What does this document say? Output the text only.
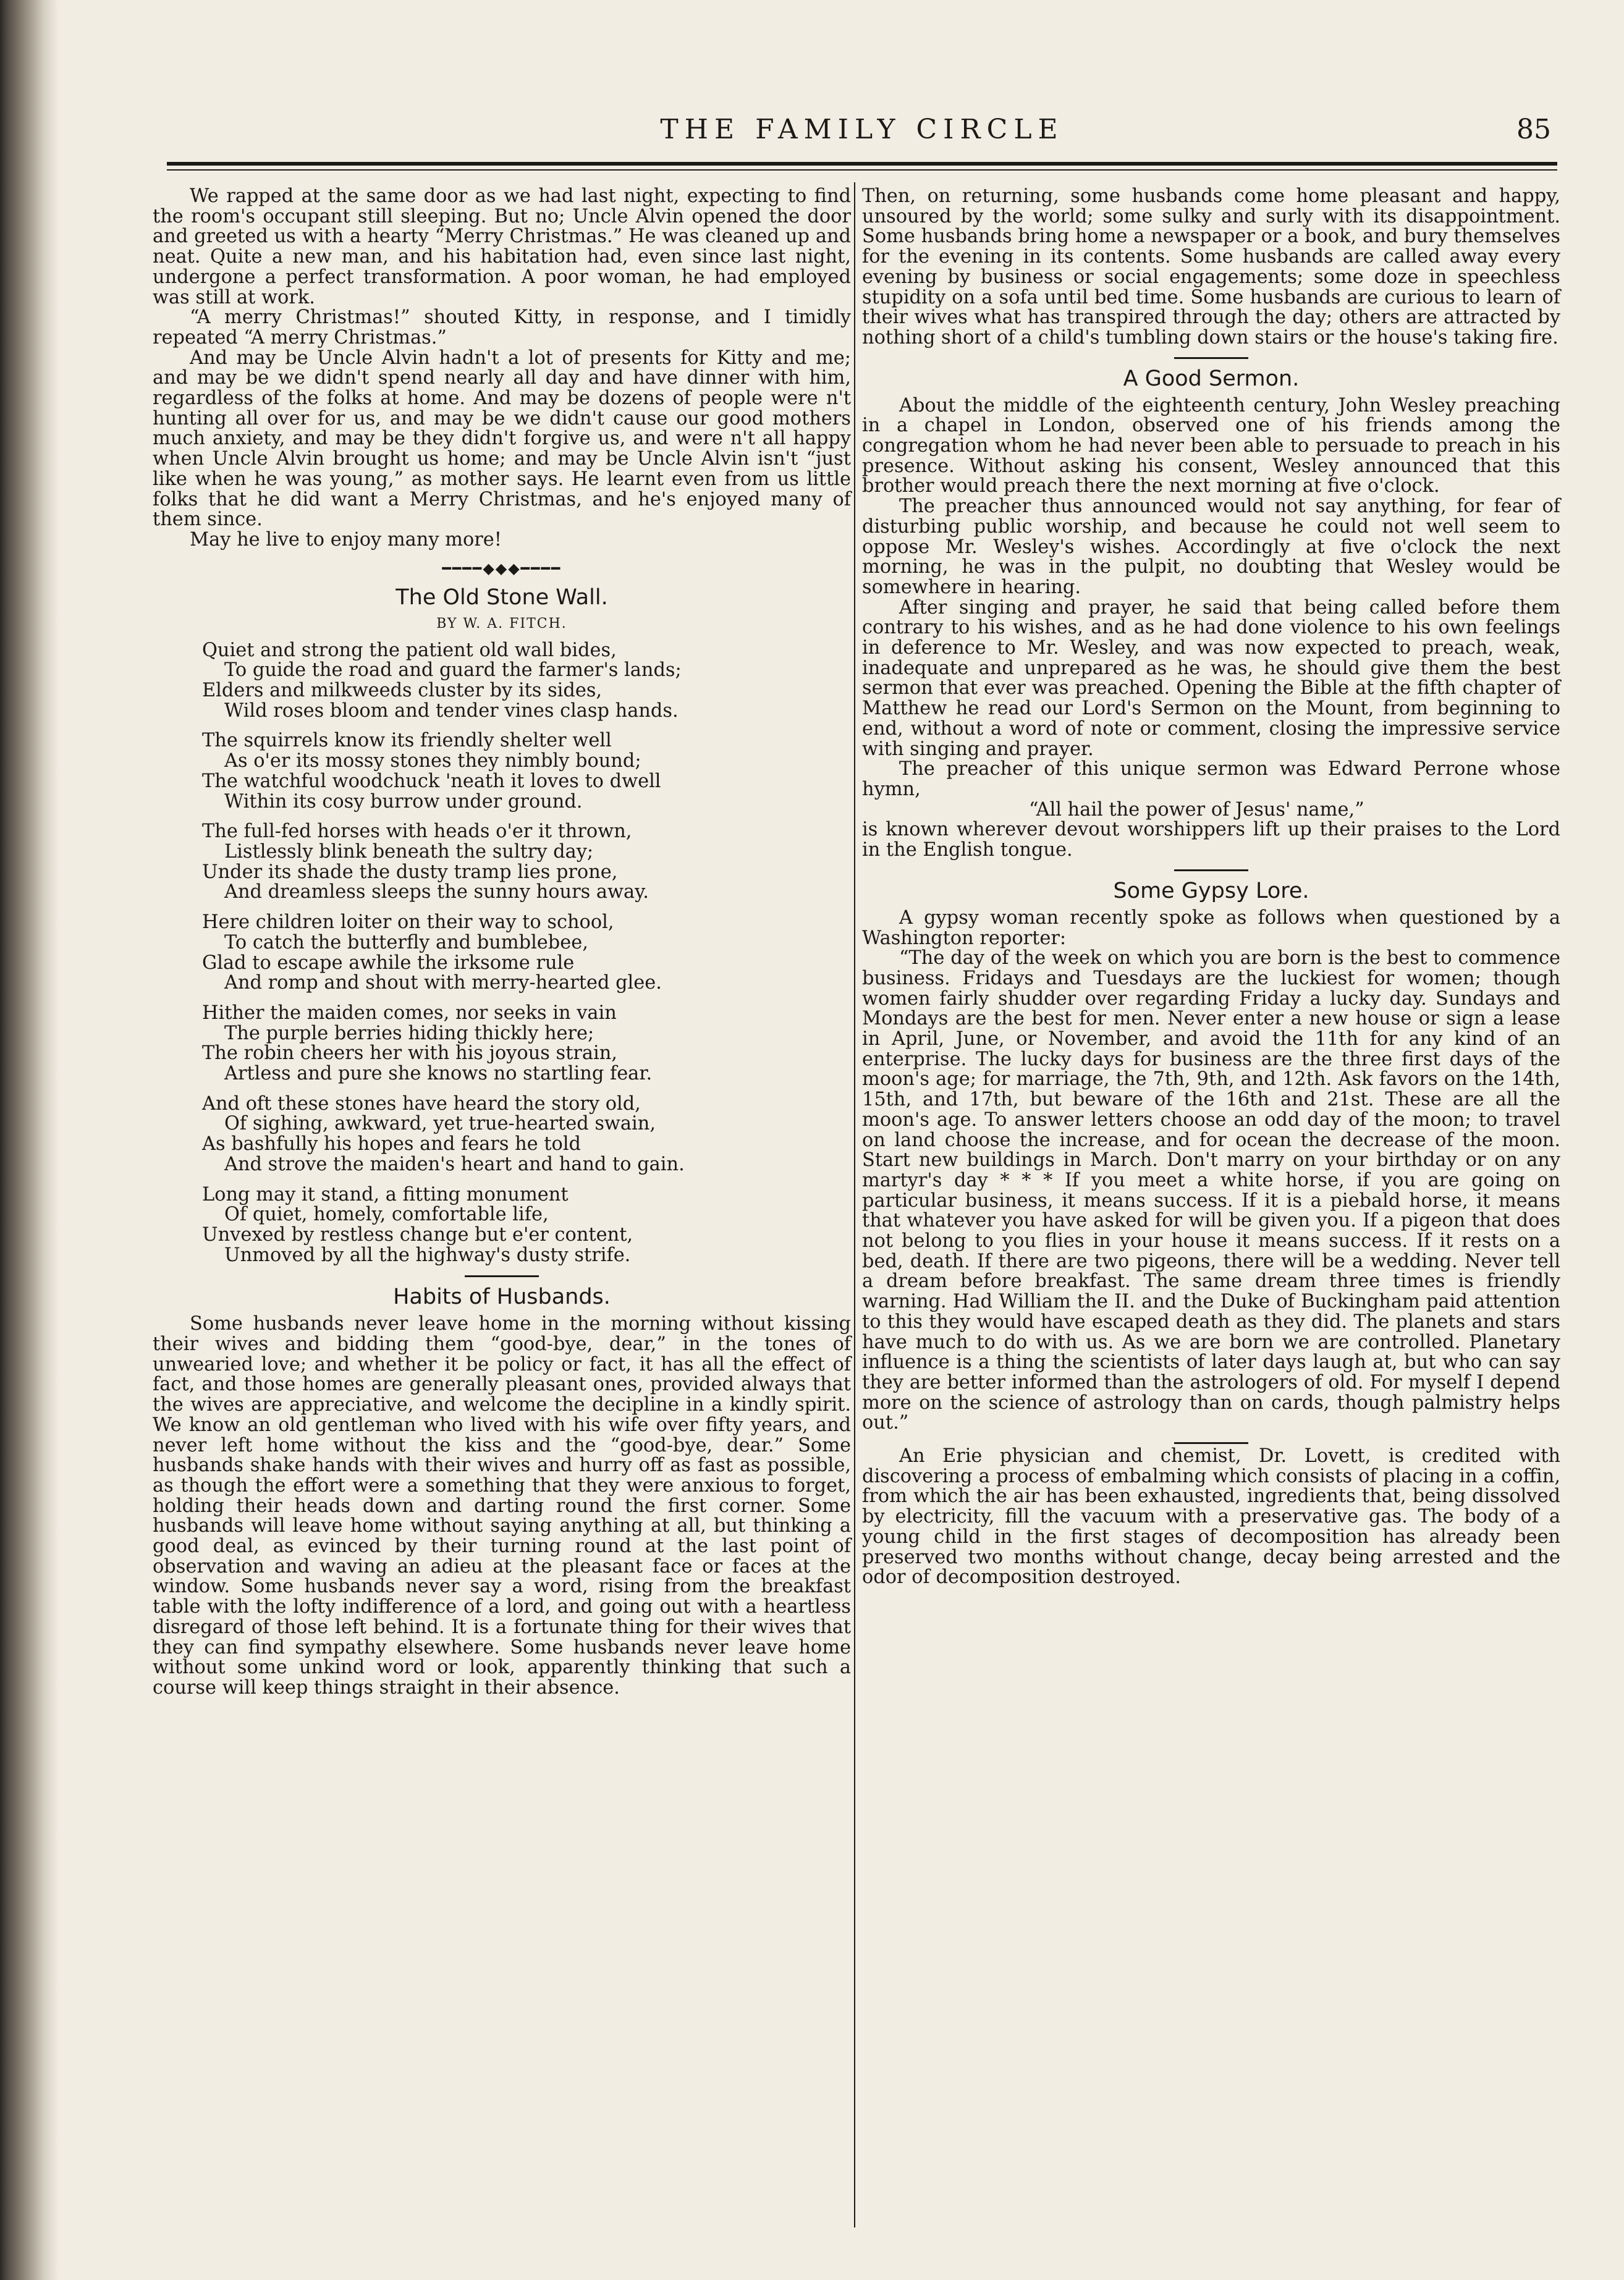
THE FAMILY CIRCLE	85

We rapped at the same door as we had last night, expecting to find the room's occupant still sleeping. But no; Uncle Alvin opened the door and greeted us with a hearty “Merry Christmas.” He was cleaned up and neat. Quite a new man, and his habitation had, even since last night, undergone a perfect transformation. A poor woman, he had employed was still at work.

“A merry Christmas!” shouted Kitty, in response, and I timidly repeated “A merry Christmas.”

And may be Uncle Alvin hadn't a lot of presents for Kitty and me; and may be we didn't spend nearly all day and have dinner with him, regardless of the folks at home. And may be dozens of people were n't hunting all over for us, and may be we didn't cause our good mothers much anxiety, and may be they didn't forgive us, and were n't all happy when Uncle Alvin brought us home; and may be Uncle Alvin isn't “just like when he was young,” as mother says. He learnt even from us little folks that he did want a Merry Christmas, and he's enjoyed many of them since.

May he live to enjoy many more!

━━━━◆◆◆━━━━
The Old Stone Wall.
BY W. A. FITCH.
Quiet and strong the patient old wall bides,
To guide the road and guard the farmer's lands;
Elders and milkweeds cluster by its sides,
Wild roses bloom and tender vines clasp hands.
The squirrels know its friendly shelter well
As o'er its mossy stones they nimbly bound;
The watchful woodchuck 'neath it loves to dwell
Within its cosy burrow under ground.
The full-fed horses with heads o'er it thrown,
Listlessly blink beneath the sultry day;
Under its shade the dusty tramp lies prone,
And dreamless sleeps the sunny hours away.
Here children loiter on their way to school,
To catch the butterfly and bumblebee,
Glad to escape awhile the irksome rule
And romp and shout with merry-hearted glee.
Hither the maiden comes, nor seeks in vain
The purple berries hiding thickly here;
The robin cheers her with his joyous strain,
Artless and pure she knows no startling fear.
And oft these stones have heard the story old,
Of sighing, awkward, yet true-hearted swain,
As bashfully his hopes and fears he told
And strove the maiden's heart and hand to gain.
Long may it stand, a fitting monument
Of quiet, homely, comfortable life,
Unvexed by restless change but e'er content,
Unmoved by all the highway's dusty strife.
Habits of Husbands.

Some husbands never leave home in the morning without kissing their wives and bidding them “good-bye, dear,” in the tones of unwearied love; and whether it be policy or fact, it has all the effect of fact, and those homes are generally pleasant ones, provided always that the wives are appreciative, and welcome the decipline in a kindly spirit. We know an old gentleman who lived with his wife over fifty years, and never left home without the kiss and the “good-bye, dear.” Some husbands shake hands with their wives and hurry off as fast as possible, as though the effort were a something that they were anxious to forget, holding their heads down and darting round the first corner. Some husbands will leave home without saying anything at all, but thinking a good deal, as evinced by their turning round at the last point of observation and waving an adieu at the pleasant face or faces at the window. Some husbands never say a word, rising from the breakfast table with the lofty indifference of a lord, and going out with a heartless disregard of those left behind. It is a fortunate thing for their wives that they can find sympathy elsewhere. Some husbands never leave home without some unkind word or look, apparently thinking that such a course will keep things straight in their absence.

Then, on returning, some husbands come home pleasant and happy, unsoured by the world; some sulky and surly with its disappointment. Some husbands bring home a newspaper or a book, and bury themselves for the evening in its contents. Some husbands are called away every evening by business or social engagements; some doze in speechless stupidity on a sofa until bed time. Some husbands are curious to learn of their wives what has transpired through the day; others are attracted by nothing short of a child's tumbling down stairs or the house's taking fire.

A Good Sermon.

About the middle of the eighteenth century, John Wesley preaching in a chapel in London, observed one of his friends among the congregation whom he had never been able to persuade to preach in his presence. Without asking his consent, Wesley announced that this brother would preach there the next morning at five o'clock.

The preacher thus announced would not say anything, for fear of disturbing public worship, and because he could not well seem to oppose Mr. Wesley's wishes. Accordingly at five o'clock the next morning, he was in the pulpit, no doubting that Wesley would be somewhere in hearing.

After singing and prayer, he said that being called before them contrary to his wishes, and as he had done violence to his own feelings in deference to Mr. Wesley, and was now expected to preach, weak, inadequate and unprepared as he was, he should give them the best sermon that ever was preached. Opening the Bible at the fifth chapter of Matthew he read our Lord's Sermon on the Mount, from beginning to end, without a word of note or comment, closing the impressive service with singing and prayer.

The preacher of this unique sermon was Edward Perrone whose hymn,

“All hail the power of Jesus' name,”

is known wherever devout worshippers lift up their praises to the Lord in the English tongue.

Some Gypsy Lore.

A gypsy woman recently spoke as follows when questioned by a Washington reporter:

“The day of the week on which you are born is the best to commence business. Fridays and Tuesdays are the luckiest for women; though women fairly shudder over regarding Friday a lucky day. Sundays and Mondays are the best for men. Never enter a new house or sign a lease in April, June, or November, and avoid the 11th for any kind of an enterprise. The lucky days for business are the three first days of the moon's age; for marriage, the 7th, 9th, and 12th. Ask favors on the 14th, 15th, and 17th, but beware of the 16th and 21st. These are all the moon's age. To answer letters choose an odd day of the moon; to travel on land choose the increase, and for ocean the decrease of the moon. Start new buildings in March. Don't marry on your birthday or on any martyr's day * * * If you meet a white horse, if you are going on particular business, it means success. If it is a piebald horse, it means that whatever you have asked for will be given you. If a pigeon that does not belong to you flies in your house it means success. If it rests on a bed, death. If there are two pigeons, there will be a wedding. Never tell a dream before breakfast. The same dream three times is friendly warning. Had William the II. and the Duke of Buckingham paid attention to this they would have escaped death as they did. The planets and stars have much to do with us. As we are born we are controlled. Planetary influence is a thing the scientists of later days laugh at, but who can say they are better informed than the astrologers of old. For myself I depend more on the science of astrology than on cards, though palmistry helps out.”

An Erie physician and chemist, Dr. Lovett, is credited with discovering a process of embalming which consists of placing in a coffin, from which the air has been exhausted, ingredients that, being dissolved by electricity, fill the vacuum with a preservative gas. The body of a young child in the first stages of decomposition has already been preserved two months without change, decay being arrested and the odor of decomposition destroyed.
